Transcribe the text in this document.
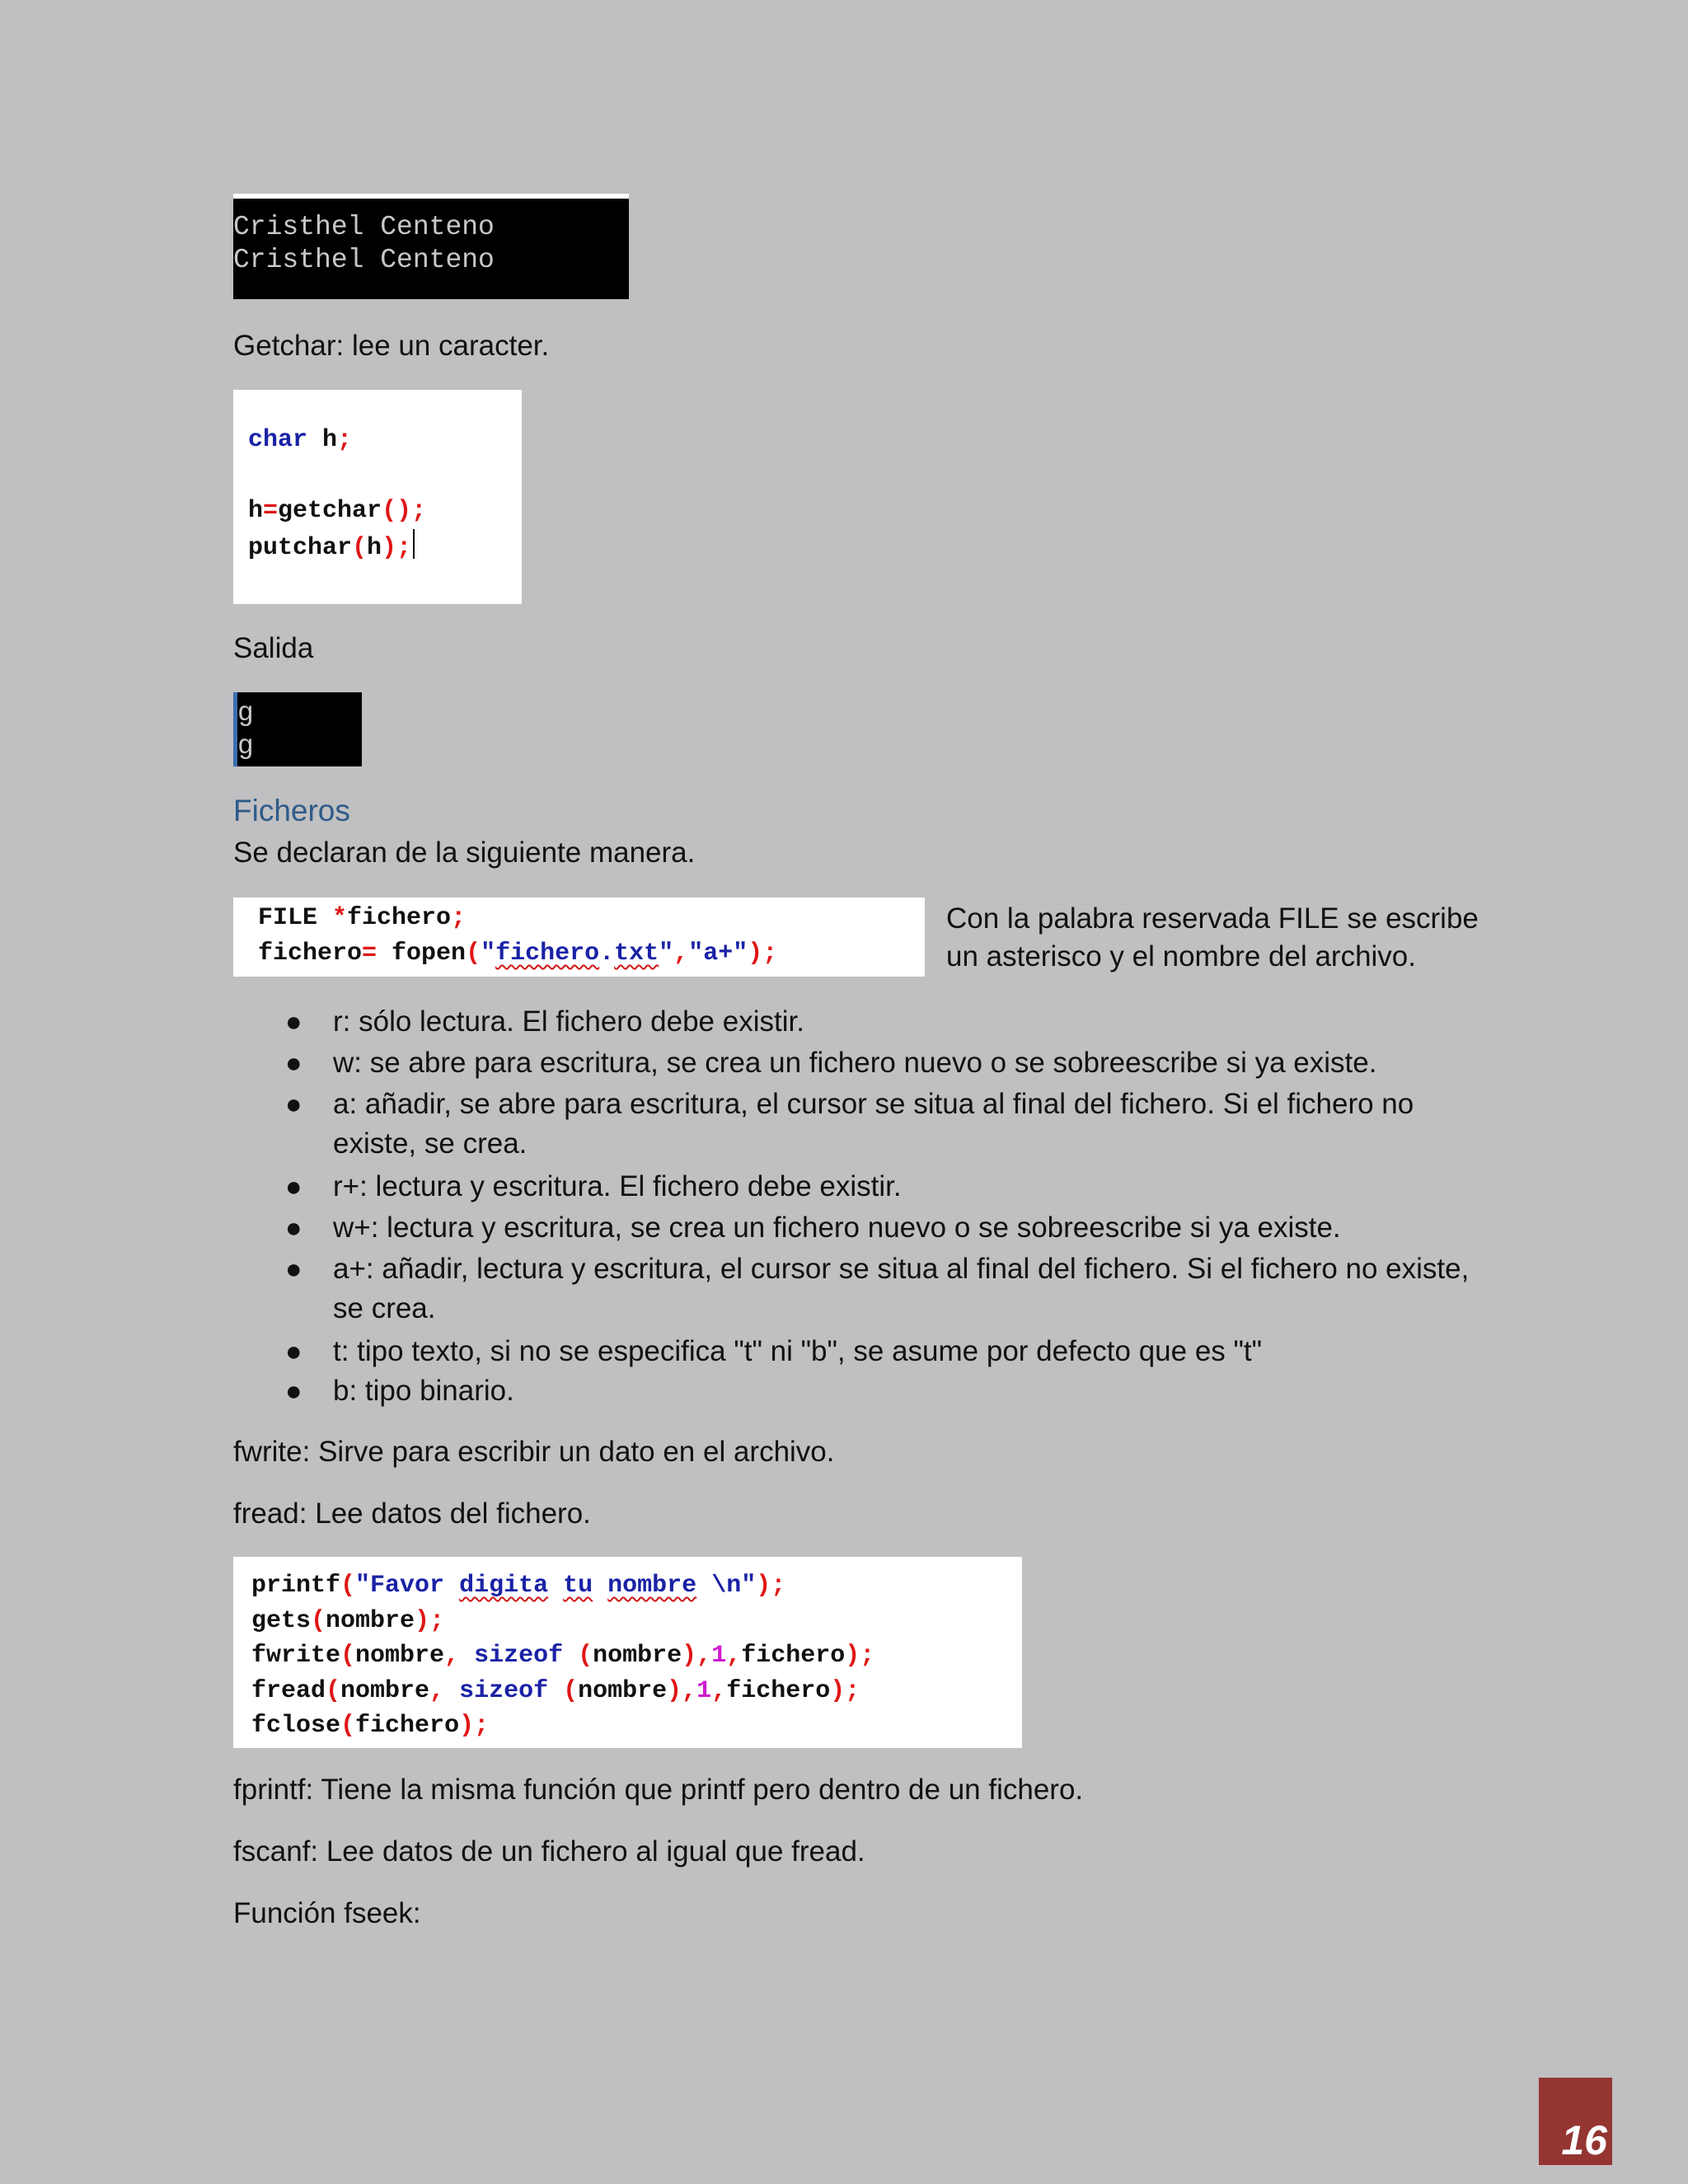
Cristhel Centeno
Cristhel Centeno
Getchar: lee un caracter.
char h;

h=getchar();
putchar(h);
Salida
g
g
Ficheros
Se declaran de la siguiente manera.
FILE *fichero;
fichero= fopen("fichero.txt","a+");
Con la palabra reservada FILE se escribe
un asterisco y el nombre del archivo.
● r: sólo lectura. El fichero debe existir.
● w: se abre para escritura, se crea un fichero nuevo o se sobreescribe si ya existe.
● a: añadir, se abre para escritura, el cursor se situa al final del fichero. Si el fichero no
existe, se crea.
● r+: lectura y escritura. El fichero debe existir.
● w+: lectura y escritura, se crea un fichero nuevo o se sobreescribe si ya existe.
● a+: añadir, lectura y escritura, el cursor se situa al final del fichero. Si el fichero no existe,
se crea.
● t: tipo texto, si no se especifica "t" ni "b", se asume por defecto que es "t"
● b: tipo binario.
fwrite: Sirve para escribir un dato en el archivo.
fread: Lee datos del fichero.
printf("Favor digita tu nombre \n");
gets(nombre);
fwrite(nombre, sizeof (nombre),1,fichero);
fread(nombre, sizeof (nombre),1,fichero);
fclose(fichero);
fprintf: Tiene la misma función que printf pero dentro de un fichero.
fscanf: Lee datos de un fichero al igual que fread.
Función fseek:
16
